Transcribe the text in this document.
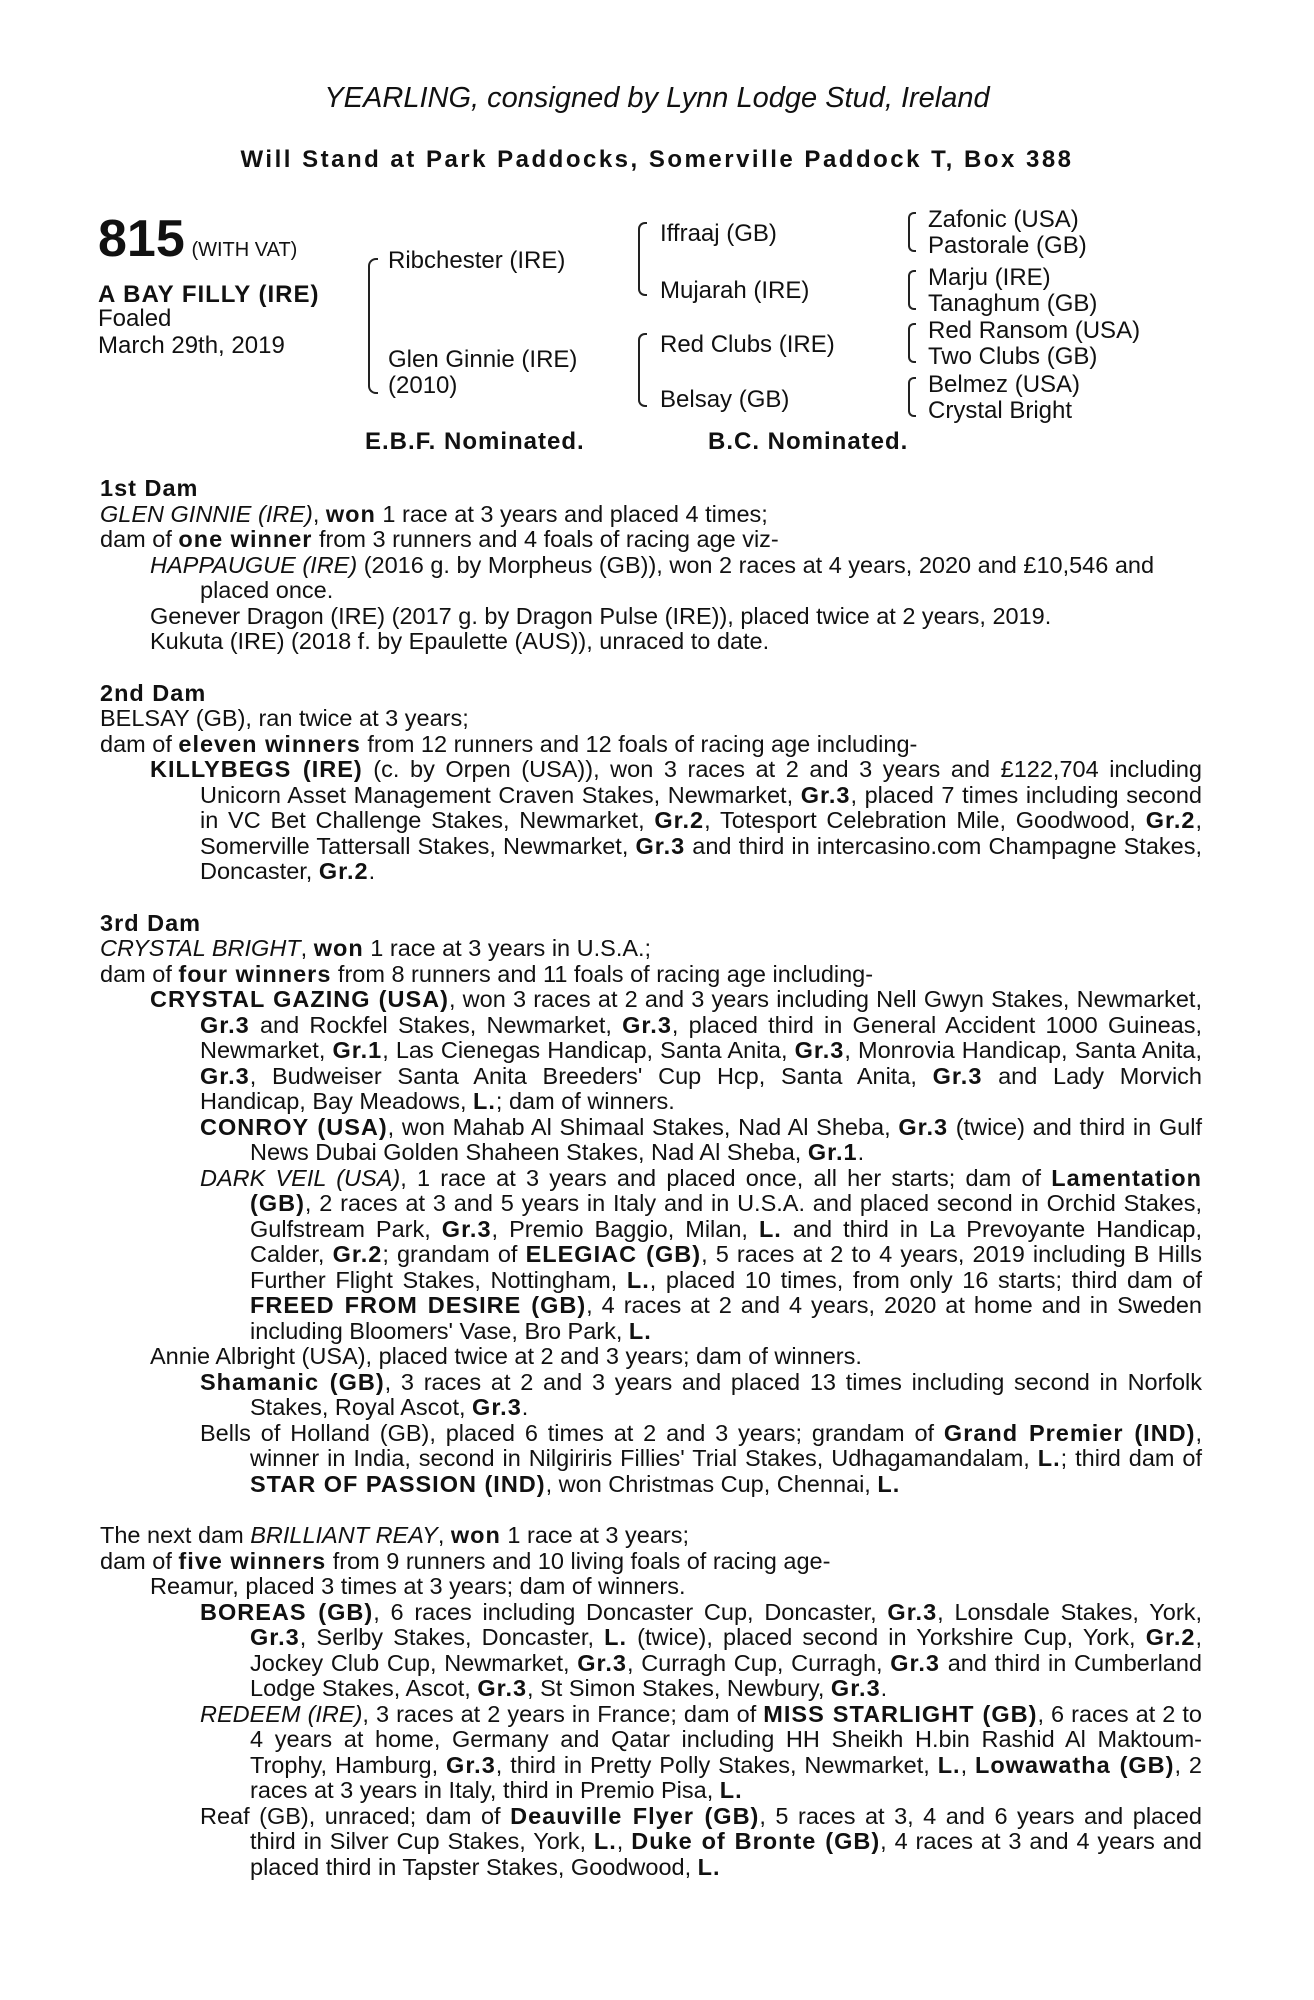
YEARLING, consigned by Lynn Lodge Stud, Ireland
Will Stand at Park Paddocks, Somerville Paddock T, Box 388
815 (WITH VAT)
A BAY FILLY (IRE)
Foaled
March 29th, 2019
Ribchester (IRE)
Glen Ginnie (IRE)
(2010)
Iffraaj (GB)
Mujarah (IRE)
Red Clubs (IRE)
Belsay (GB)
Zafonic (USA)
Pastorale (GB)
Marju (IRE)
Tanaghum (GB)
Red Ransom (USA)
Two Clubs (GB)
Belmez (USA)
Crystal Bright
E.B.F. Nominated.	B.C. Nominated.

1st Dam

GLEN GINNIE (IRE), won 1 race at 3 years and placed 4 times;

dam of one winner from 3 runners and 4 foals of racing age viz-

HAPPAUGUE (IRE) (2016 g. by Morpheus (GB)), won 2 races at 4 years, 2020 and £10,546 and placed once.

Genever Dragon (IRE) (2017 g. by Dragon Pulse (IRE)), placed twice at 2 years, 2019.

Kukuta (IRE) (2018 f. by Epaulette (AUS)), unraced to date.

2nd Dam

BELSAY (GB), ran twice at 3 years;

dam of eleven winners from 12 runners and 12 foals of racing age including-

KILLYBEGS (IRE) (c. by Orpen (USA)), won 3 races at 2 and 3 years and £122,704 including Unicorn Asset Management Craven Stakes, Newmarket, Gr.3, placed 7 times including second in VC Bet Challenge Stakes, Newmarket, Gr.2, Totesport Celebration Mile, Goodwood, Gr.2, Somerville Tattersall Stakes, Newmarket, Gr.3 and third in intercasino.com Champagne Stakes, Doncaster, Gr.2.

3rd Dam

CRYSTAL BRIGHT, won 1 race at 3 years in U.S.A.;

dam of four winners from 8 runners and 11 foals of racing age including-

CRYSTAL GAZING (USA), won 3 races at 2 and 3 years including Nell Gwyn Stakes, Newmarket, Gr.3 and Rockfel Stakes, Newmarket, Gr.3, placed third in General Accident 1000 Guineas, Newmarket, Gr.1, Las Cienegas Handicap, Santa Anita, Gr.3, Monrovia Handicap, Santa Anita, Gr.3, Budweiser Santa Anita Breeders' Cup Hcp, Santa Anita, Gr.3 and Lady Morvich Handicap, Bay Meadows, L.; dam of winners.

CONROY (USA), won Mahab Al Shimaal Stakes, Nad Al Sheba, Gr.3 (twice) and third in Gulf News Dubai Golden Shaheen Stakes, Nad Al Sheba, Gr.1.

DARK VEIL (USA), 1 race at 3 years and placed once, all her starts; dam of Lamentation (GB), 2 races at 3 and 5 years in Italy and in U.S.A. and placed second in Orchid Stakes, Gulfstream Park, Gr.3, Premio Baggio, Milan, L. and third in La Prevoyante Handicap, Calder, Gr.2; grandam of ELEGIAC (GB), 5 races at 2 to 4 years, 2019 including B Hills Further Flight Stakes, Nottingham, L., placed 10 times, from only 16 starts; third dam of FREED FROM DESIRE (GB), 4 races at 2 and 4 years, 2020 at home and in Sweden including Bloomers' Vase, Bro Park, L.

Annie Albright (USA), placed twice at 2 and 3 years; dam of winners.

Shamanic (GB), 3 races at 2 and 3 years and placed 13 times including second in Norfolk Stakes, Royal Ascot, Gr.3.

Bells of Holland (GB), placed 6 times at 2 and 3 years; grandam of Grand Premier (IND), winner in India, second in Nilgiriris Fillies' Trial Stakes, Udhagamandalam, L.; third dam of STAR OF PASSION (IND), won Christmas Cup, Chennai, L.

The next dam BRILLIANT REAY, won 1 race at 3 years;

dam of five winners from 9 runners and 10 living foals of racing age-

Reamur, placed 3 times at 3 years; dam of winners.

BOREAS (GB), 6 races including Doncaster Cup, Doncaster, Gr.3, Lonsdale Stakes, York, Gr.3, Serlby Stakes, Doncaster, L. (twice), placed second in Yorkshire Cup, York, Gr.2, Jockey Club Cup, Newmarket, Gr.3, Curragh Cup, Curragh, Gr.3 and third in Cumberland Lodge Stakes, Ascot, Gr.3, St Simon Stakes, Newbury, Gr.3.

REDEEM (IRE), 3 races at 2 years in France; dam of MISS STARLIGHT (GB), 6 races at 2 to 4 years at home, Germany and Qatar including HH Sheikh H.bin Rashid Al Maktoum-Trophy, Hamburg, Gr.3, third in Pretty Polly Stakes, Newmarket, L., Lowawatha (GB), 2 races at 3 years in Italy, third in Premio Pisa, L.

Reaf (GB), unraced; dam of Deauville Flyer (GB), 5 races at 3, 4 and 6 years and placed third in Silver Cup Stakes, York, L., Duke of Bronte (GB), 4 races at 3 and 4 years and placed third in Tapster Stakes, Goodwood, L.
